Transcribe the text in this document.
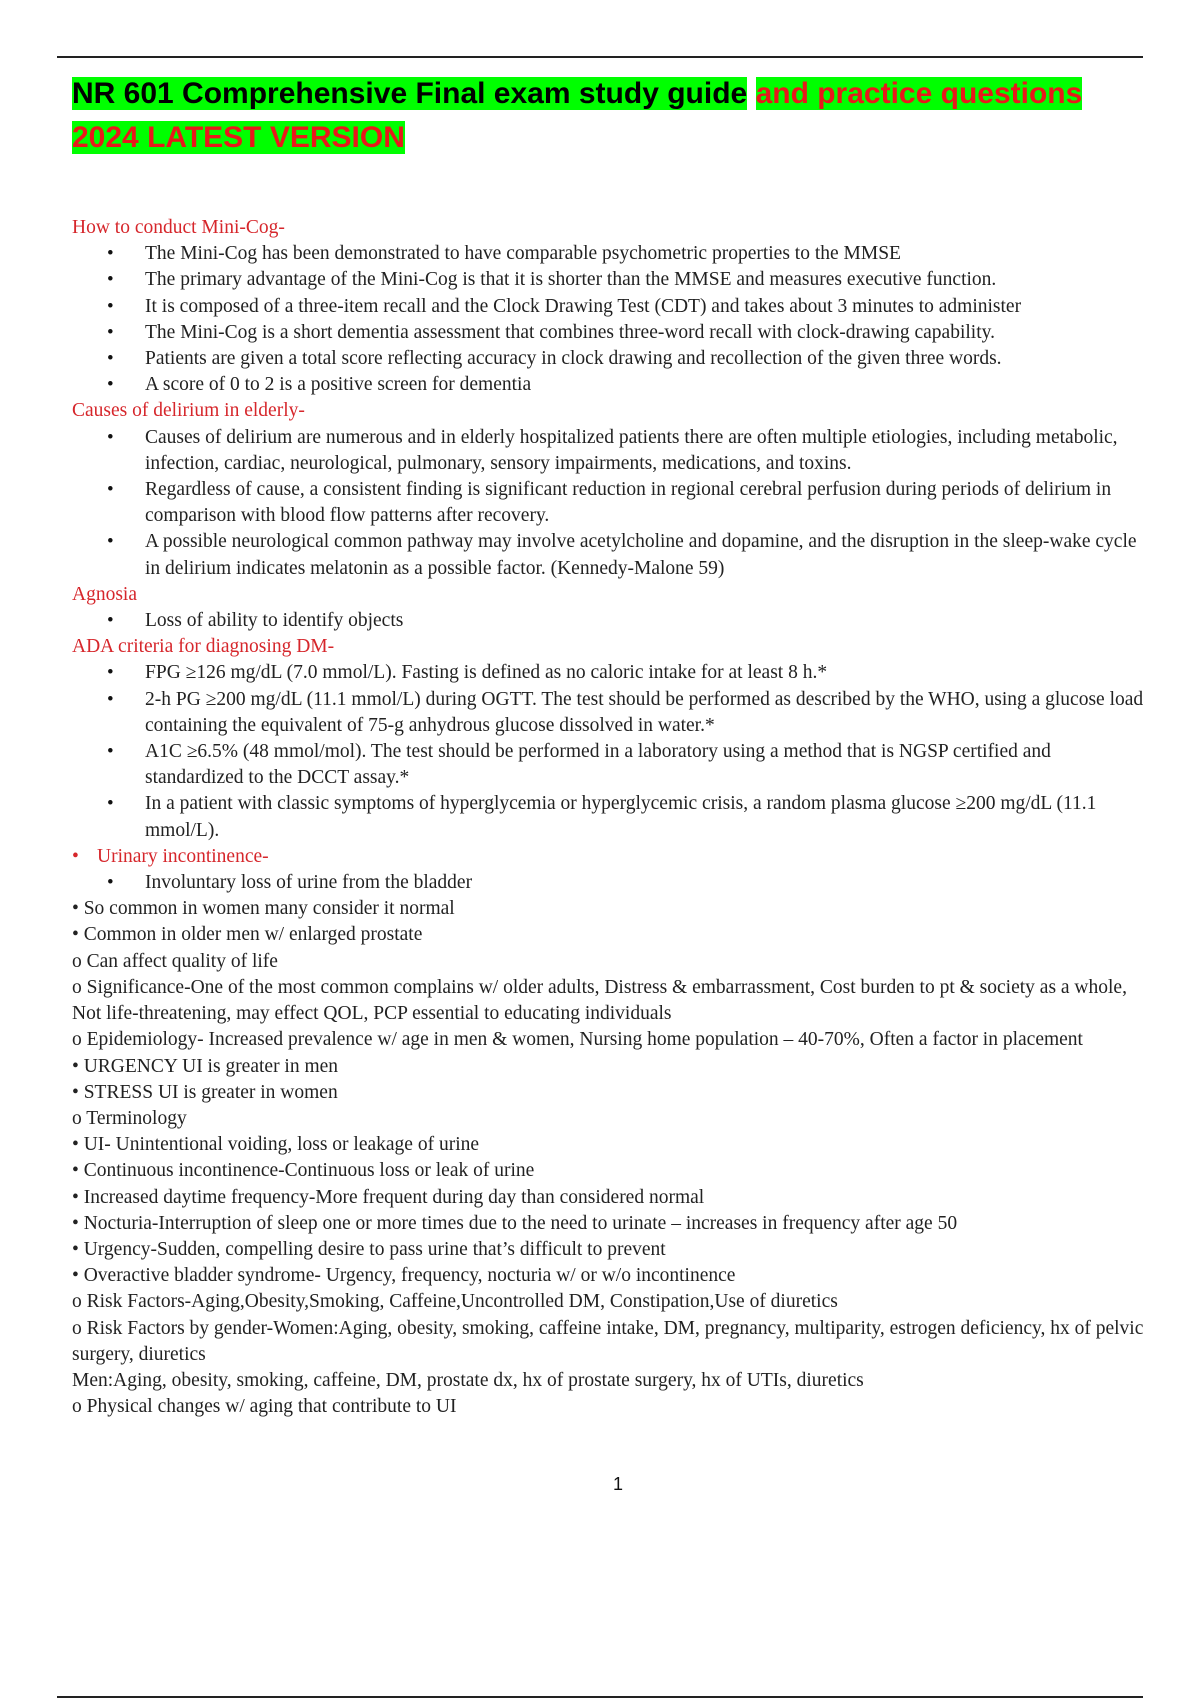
NR 601 Comprehensive Final exam study guide and practice questions 2024 LATEST VERSION
How to conduct Mini-Cog-
• The Mini-Cog has been demonstrated to have comparable psychometric properties to the MMSE
• The primary advantage of the Mini-Cog is that it is shorter than the MMSE and measures executive function.
• It is composed of a three-item recall and the Clock Drawing Test (CDT) and takes about 3 minutes to administer
• The Mini-Cog is a short dementia assessment that combines three-word recall with clock-drawing capability.
• Patients are given a total score reflecting accuracy in clock drawing and recollection of the given three words.
• A score of 0 to 2 is a positive screen for dementia
Causes of delirium in elderly-
• Causes of delirium are numerous and in elderly hospitalized patients there are often multiple etiologies, including metabolic, infection, cardiac, neurological, pulmonary, sensory impairments, medications, and toxins.
• Regardless of cause, a consistent finding is significant reduction in regional cerebral perfusion during periods of delirium in comparison with blood flow patterns after recovery.
• A possible neurological common pathway may involve acetylcholine and dopamine, and the disruption in the sleep-wake cycle in delirium indicates melatonin as a possible factor. (Kennedy-Malone 59)
Agnosia
• Loss of ability to identify objects
ADA criteria for diagnosing DM-
• FPG ≥126 mg/dL (7.0 mmol/L). Fasting is defined as no caloric intake for at least 8 h.*
• 2-h PG ≥200 mg/dL (11.1 mmol/L) during OGTT. The test should be performed as described by the WHO, using a glucose load containing the equivalent of 75-g anhydrous glucose dissolved in water.*
• A1C ≥6.5% (48 mmol/mol). The test should be performed in a laboratory using a method that is NGSP certified and standardized to the DCCT assay.*
• In a patient with classic symptoms of hyperglycemia or hyperglycemic crisis, a random plasma glucose ≥200 mg/dL (11.1 mmol/L).
• Urinary incontinence-
• Involuntary loss of urine from the bladder
• So common in women many consider it normal
• Common in older men w/ enlarged prostate
o Can affect quality of life
o Significance-One of the most common complains w/ older adults, Distress & embarrassment, Cost burden to pt & society as a whole, Not life-threatening, may effect QOL, PCP essential to educating individuals
o Epidemiology- Increased prevalence w/ age in men & women, Nursing home population – 40-70%, Often a factor in placement
• URGENCY UI is greater in men
• STRESS UI is greater in women
o Terminology
• UI- Unintentional voiding, loss or leakage of urine
• Continuous incontinence-Continuous loss or leak of urine
• Increased daytime frequency-More frequent during day than considered normal
• Nocturia-Interruption of sleep one or more times due to the need to urinate – increases in frequency after age 50
• Urgency-Sudden, compelling desire to pass urine that’s difficult to prevent
• Overactive bladder syndrome- Urgency, frequency, nocturia w/ or w/o incontinence
o Risk Factors-Aging,Obesity,Smoking, Caffeine,Uncontrolled DM, Constipation,Use of diuretics
o Risk Factors by gender-Women:Aging, obesity, smoking, caffeine intake, DM, pregnancy, multiparity, estrogen deficiency, hx of pelvic surgery, diuretics
Men:Aging, obesity, smoking, caffeine, DM, prostate dx, hx of prostate surgery, hx of UTIs, diuretics
o Physical changes w/ aging that contribute to UI
1
